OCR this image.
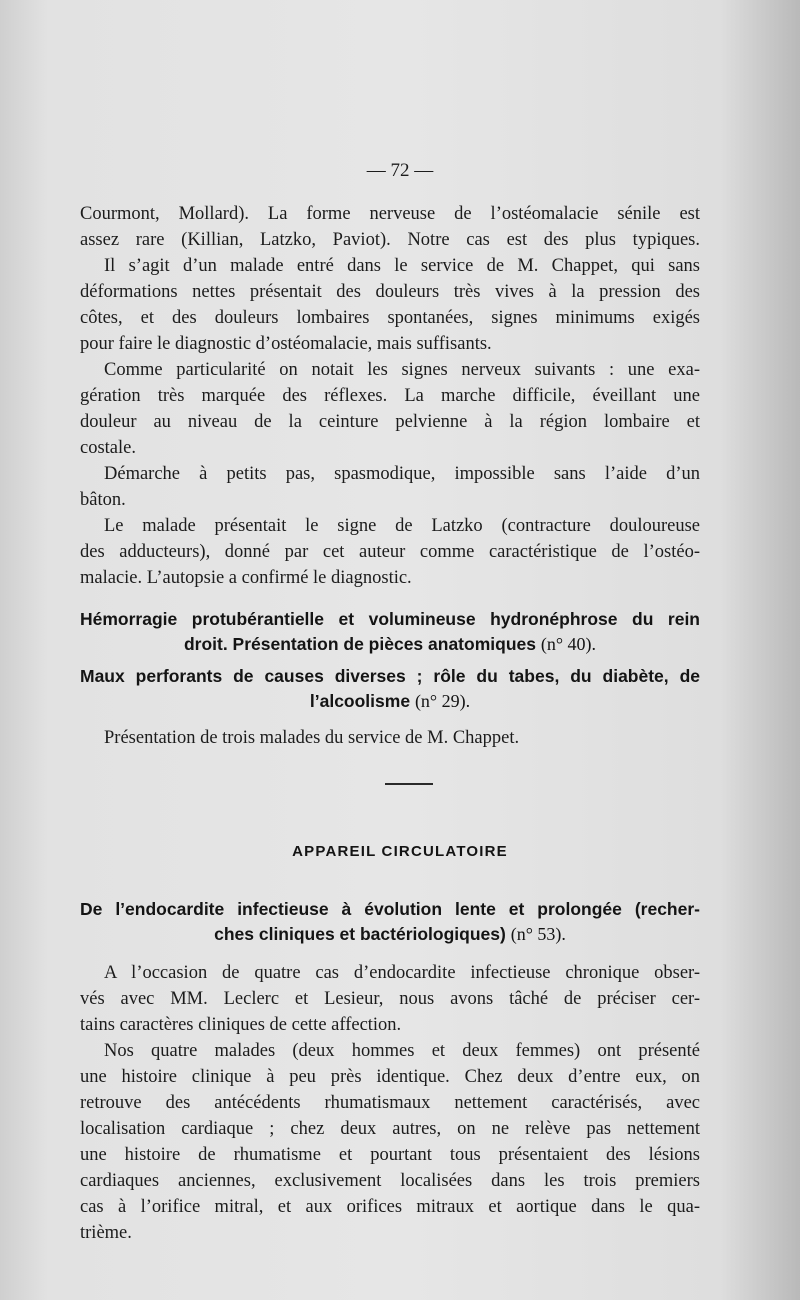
— 72 —
Courmont, Mollard). La forme nerveuse de l’ostéomalacie sénile est
assez rare (Killian, Latzko, Paviot). Notre cas est des plus typiques.
Il s’agit d’un malade entré dans le service de M. Chappet, qui sans
déformations nettes présentait des douleurs très vives à la pression des
côtes, et des douleurs lombaires spontanées, signes minimums exigés
pour faire le diagnostic d’ostéomalacie, mais suffisants.
Comme particularité on notait les signes nerveux suivants : une exa-
gération très marquée des réflexes. La marche difficile, éveillant une
douleur au niveau de la ceinture pelvienne à la région lombaire et
costale.
Démarche à petits pas, spasmodique, impossible sans l’aide d’un
bâton.
Le malade présentait le signe de Latzko (contracture douloureuse
des adducteurs), donné par cet auteur comme caractéristique de l’ostéo-
malacie. L’autopsie a confirmé le diagnostic.
Hémorragie protubérantielle et volumineuse hydronéphrose du rein
droit. Présentation de pièces anatomiques (n° 40).
Maux perforants de causes diverses ; rôle du tabes, du diabète, de
l’alcoolisme (n° 29).
Présentation de trois malades du service de M. Chappet.
APPAREIL CIRCULATOIRE
De l’endocardite infectieuse à évolution lente et prolongée (recher-
ches cliniques et bactériologiques) (n° 53).
A l’occasion de quatre cas d’endocardite infectieuse chronique obser-
vés avec MM. Leclerc et Lesieur, nous avons tâché de préciser cer-
tains caractères cliniques de cette affection.
Nos quatre malades (deux hommes et deux femmes) ont présenté
une histoire clinique à peu près identique. Chez deux d’entre eux, on
retrouve des antécédents rhumatismaux nettement caractérisés, avec
localisation cardiaque ; chez deux autres, on ne relève pas nettement
une histoire de rhumatisme et pourtant tous présentaient des lésions
cardiaques anciennes, exclusivement localisées dans les trois premiers
cas à l’orifice mitral, et aux orifices mitraux et aortique dans le qua-
trième.
